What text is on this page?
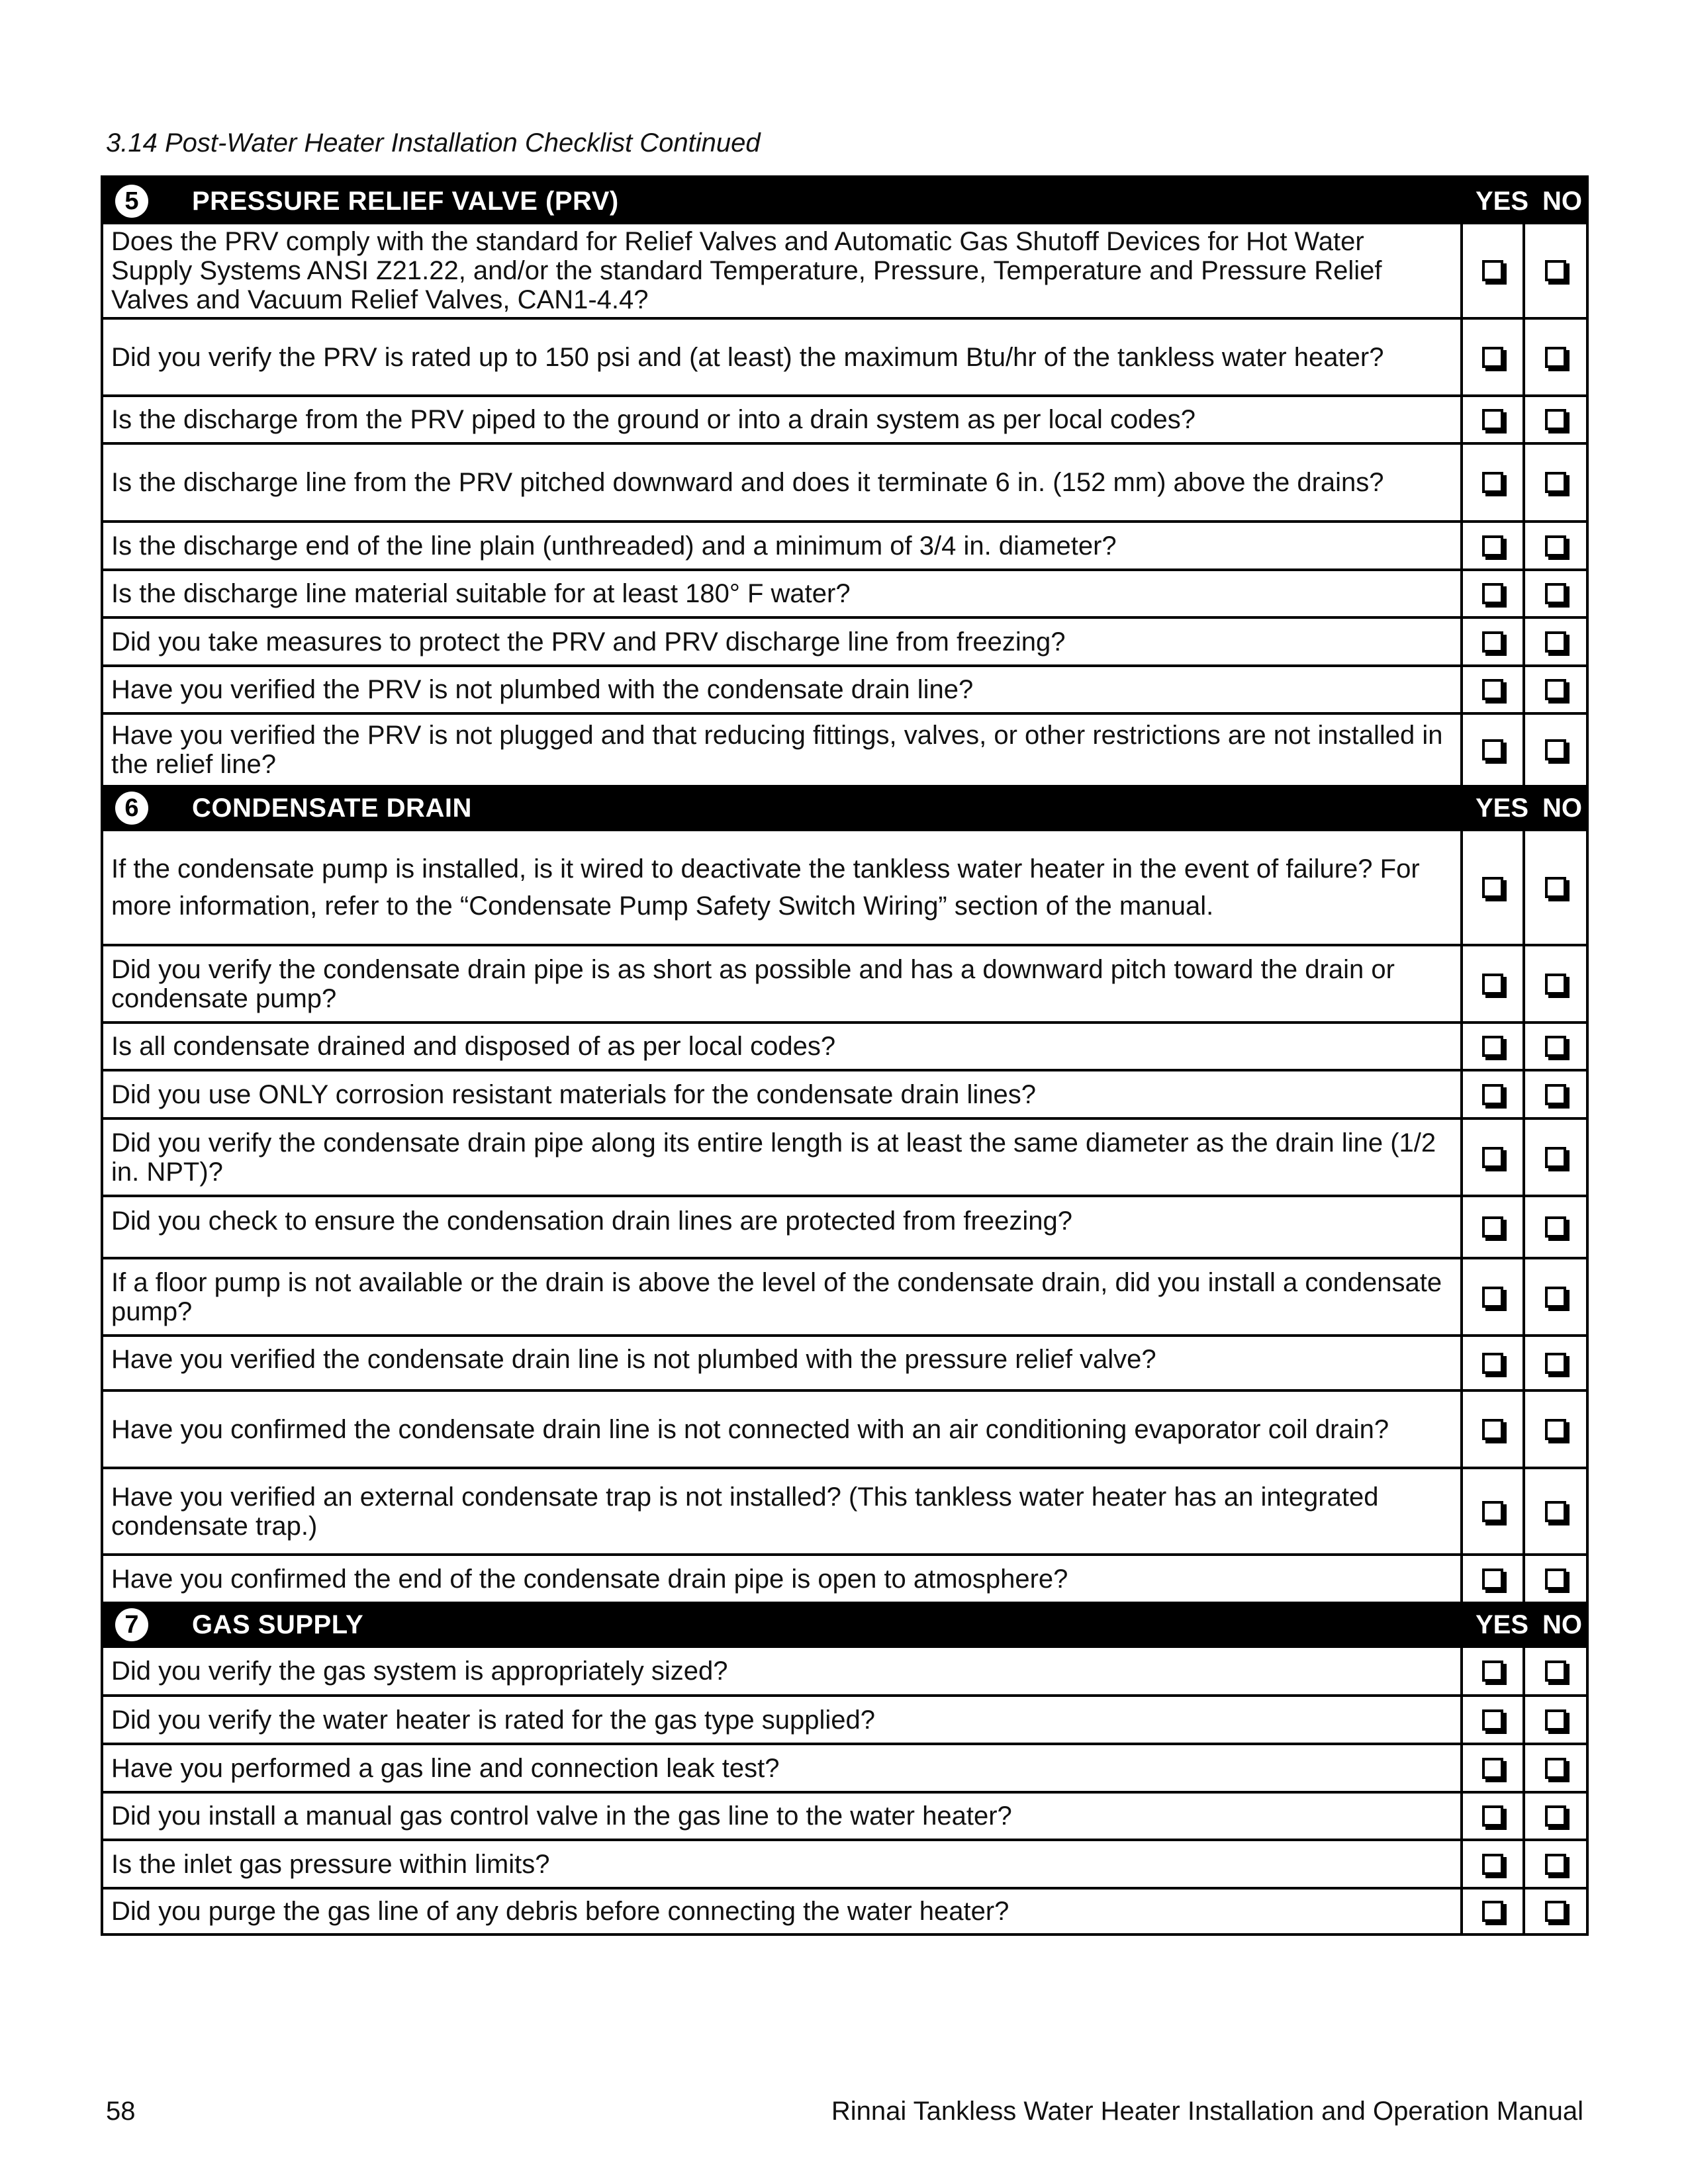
3.14 Post-Water Heater Installation Checklist Continued
5	PRESSURE RELIEF VALVE (PRV)	YES NO
Does the PRV comply with the standard for Relief Valves and Automatic Gas Shutoff Devices for Hot Water Supply Systems ANSI Z21.22, and/or the standard Temperature, Pressure, Temperature and Pressure Relief Valves and Vacuum Relief Valves, CAN1-4.4?
Did you verify the PRV is rated up to 150 psi and (at least) the maximum Btu/hr of the tankless water heater?
Is the discharge from the PRV piped to the ground or into a drain system as per local codes?
Is the discharge line from the PRV pitched downward and does it terminate 6 in. (152 mm) above the drains?
Is the discharge end of the line plain (unthreaded) and a minimum of 3/4 in. diameter?
Is the discharge line material suitable for at least 180° F water?
Did you take measures to protect the PRV and PRV discharge line from freezing?
Have you verified the PRV is not plumbed with the condensate drain line?
Have you verified the PRV is not plugged and that reducing fittings, valves, or other restrictions are not installed in the relief line?
6	CONDENSATE DRAIN	YES NO
If the condensate pump is installed, is it wired to deactivate the tankless water heater in the event of failure? For more information, refer to the “Condensate Pump Safety Switch Wiring” section of the manual.
Did you verify the condensate drain pipe is as short as possible and has a downward pitch toward the drain or condensate pump?
Is all condensate drained and disposed of as per local codes?
Did you use ONLY corrosion resistant materials for the condensate drain lines?
Did you verify the condensate drain pipe along its entire length is at least the same diameter as the drain line (1/2 in. NPT)?
Did you check to ensure the condensation drain lines are protected from freezing?
If a floor pump is not available or the drain is above the level of the condensate drain, did you install a condensate pump?
Have you verified the condensate drain line is not plumbed with the pressure relief valve?
Have you confirmed the condensate drain line is not connected with an air conditioning evaporator coil drain?
Have you verified an external condensate trap is not installed? (This tankless water heater has an integrated condensate trap.)
Have you confirmed the end of the condensate drain pipe is open to atmosphere?
7	GAS SUPPLY	YES NO
Did you verify the gas system is appropriately sized?
Did you verify the water heater is rated for the gas type supplied?
Have you performed a gas line and connection leak test?
Did you install a manual gas control valve in the gas line to the water heater?
Is the inlet gas pressure within limits?
Did you purge the gas line of any debris before connecting the water heater?
58	Rinnai Tankless Water Heater Installation and Operation Manual
